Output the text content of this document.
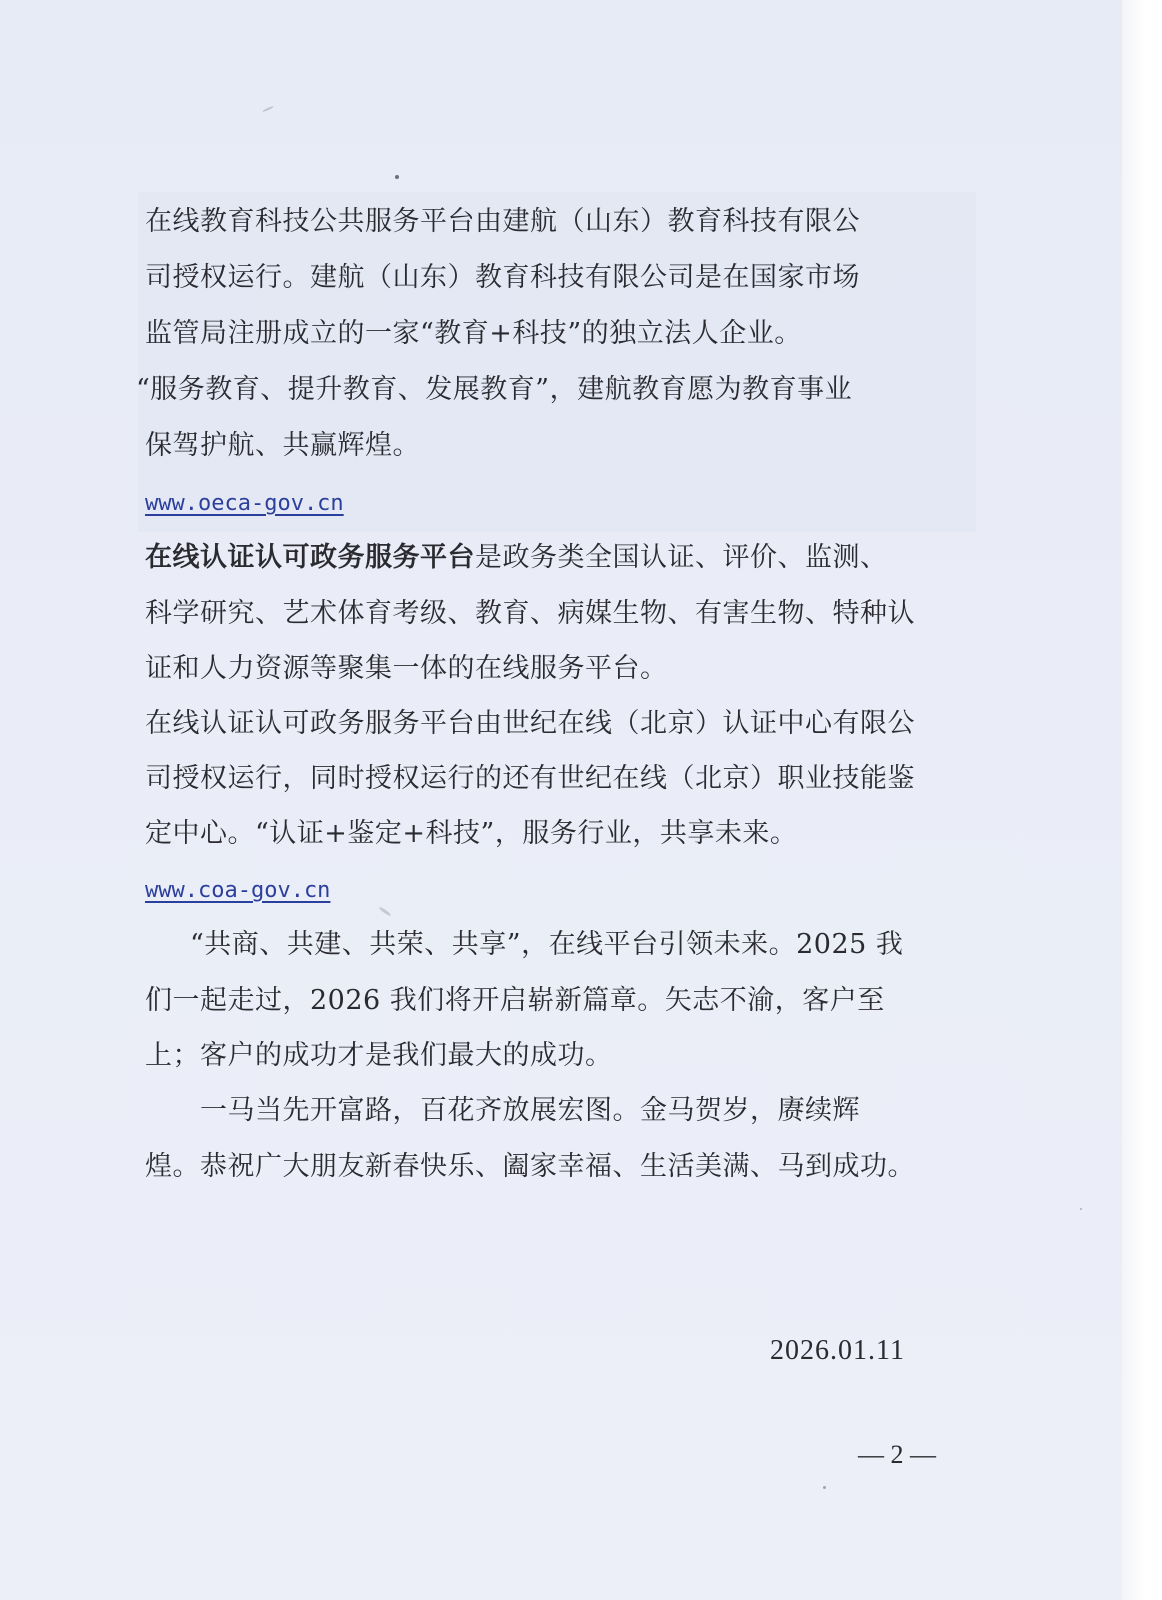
在线教育科技公共服务平台由建航（山东）教育科技有限公
司授权运行。建航（山东）教育科技有限公司是在国家市场
监管局注册成立的一家“教育+科技”的独立法人企业。
“服务教育、提升教育、发展教育”，建航教育愿为教育事业
保驾护航、共赢辉煌。
www.oeca-gov.cn
在线认证认可政务服务平台是政务类全国认证、评价、监测、
科学研究、艺术体育考级、教育、病媒生物、有害生物、特种认
证和人力资源等聚集一体的在线服务平台。
在线认证认可政务服务平台由世纪在线（北京）认证中心有限公
司授权运行，同时授权运行的还有世纪在线（北京）职业技能鉴
定中心。“认证+鉴定+科技”，服务行业，共享未来。
www.coa-gov.cn
“共商、共建、共荣、共享”，在线平台引领未来。2025 我
们一起走过，2026 我们将开启崭新篇章。矢志不渝，客户至
上；客户的成功才是我们最大的成功。
一马当先开富路，百花齐放展宏图。金马贺岁，赓续辉
煌。恭祝广大朋友新春快乐、阖家幸福、生活美满、马到成功。
2026.01.11
— 2 —
